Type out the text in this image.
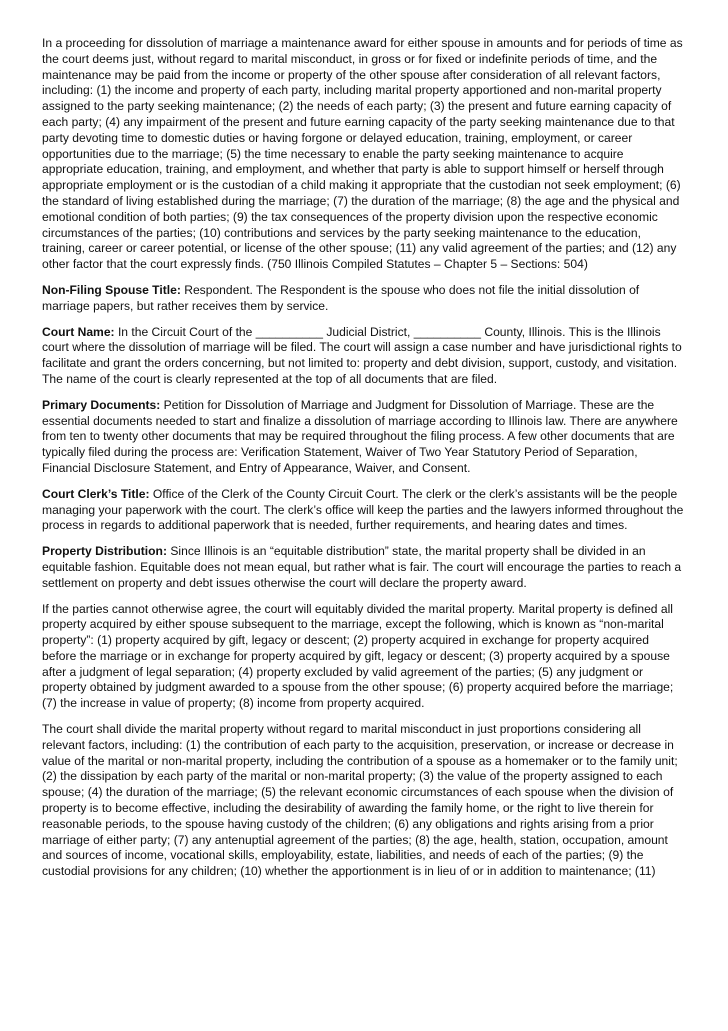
In a proceeding for dissolution of marriage a maintenance award for either spouse in amounts and for periods of time as the court deems just, without regard to marital misconduct, in gross or for fixed or indefinite periods of time, and the maintenance may be paid from the income or property of the other spouse after consideration of all relevant factors, including: (1) the income and property of each party, including marital property apportioned and non-marital property assigned to the party seeking maintenance; (2) the needs of each party; (3) the present and future earning capacity of each party; (4) any impairment of the present and future earning capacity of the party seeking maintenance due to that party devoting time to domestic duties or having forgone or delayed education, training, employment, or career opportunities due to the marriage; (5) the time necessary to enable the party seeking maintenance to acquire appropriate education, training, and employment, and whether that party is able to support himself or herself through appropriate employment or is the custodian of a child making it appropriate that the custodian not seek employment; (6) the standard of living established during the marriage; (7) the duration of the marriage; (8) the age and the physical and emotional condition of both parties; (9) the tax consequences of the property division upon the respective economic circumstances of the parties; (10) contributions and services by the party seeking maintenance to the education, training, career or career potential, or license of the other spouse; (11) any valid agreement of the parties; and (12) any other factor that the court expressly finds. (750 Illinois Compiled Statutes – Chapter 5 – Sections: 504)

Non-Filing Spouse Title: Respondent. The Respondent is the spouse who does not file the initial dissolution of marriage papers, but rather receives them by service.

Court Name: In the Circuit Court of the __________ Judicial District, __________ County, Illinois. This is the Illinois court where the dissolution of marriage will be filed. The court will assign a case number and have jurisdictional rights to facilitate and grant the orders concerning, but not limited to: property and debt division, support, custody, and visitation. The name of the court is clearly represented at the top of all documents that are filed.

Primary Documents: Petition for Dissolution of Marriage and Judgment for Dissolution of Marriage. These are the essential documents needed to start and finalize a dissolution of marriage according to Illinois law. There are anywhere from ten to twenty other documents that may be required throughout the filing process. A few other documents that are typically filed during the process are: Verification Statement, Waiver of Two Year Statutory Period of Separation, Financial Disclosure Statement, and Entry of Appearance, Waiver, and Consent.

Court Clerk’s Title: Office of the Clerk of the County Circuit Court. The clerk or the clerk’s assistants will be the people managing your paperwork with the court. The clerk’s office will keep the parties and the lawyers informed throughout the process in regards to additional paperwork that is needed, further requirements, and hearing dates and times.

Property Distribution: Since Illinois is an “equitable distribution” state, the marital property shall be divided in an equitable fashion. Equitable does not mean equal, but rather what is fair. The court will encourage the parties to reach a settlement on property and debt issues otherwise the court will declare the property award.

If the parties cannot otherwise agree, the court will equitably divided the marital property. Marital property is defined all property acquired by either spouse subsequent to the marriage, except the following, which is known as “non-marital property”: (1) property acquired by gift, legacy or descent; (2) property acquired in exchange for property acquired before the marriage or in exchange for property acquired by gift, legacy or descent; (3) property acquired by a spouse after a judgment of legal separation; (4) property excluded by valid agreement of the parties; (5) any judgment or property obtained by judgment awarded to a spouse from the other spouse; (6) property acquired before the marriage; (7) the increase in value of property; (8) income from property acquired.

The court shall divide the marital property without regard to marital misconduct in just proportions considering all relevant factors, including: (1) the contribution of each party to the acquisition, preservation, or increase or decrease in value of the marital or non-marital property, including the contribution of a spouse as a homemaker or to the family unit; (2) the dissipation by each party of the marital or non-marital property; (3) the value of the property assigned to each spouse; (4) the duration of the marriage; (5) the relevant economic circumstances of each spouse when the division of property is to become effective, including the desirability of awarding the family home, or the right to live therein for reasonable periods, to the spouse having custody of the children; (6) any obligations and rights arising from a prior marriage of either party; (7) any antenuptial agreement of the parties; (8) the age, health, station, occupation, amount and sources of income, vocational skills, employability, estate, liabilities, and needs of each of the parties; (9) the custodial provisions for any children; (10) whether the apportionment is in lieu of or in addition to maintenance; (11)
